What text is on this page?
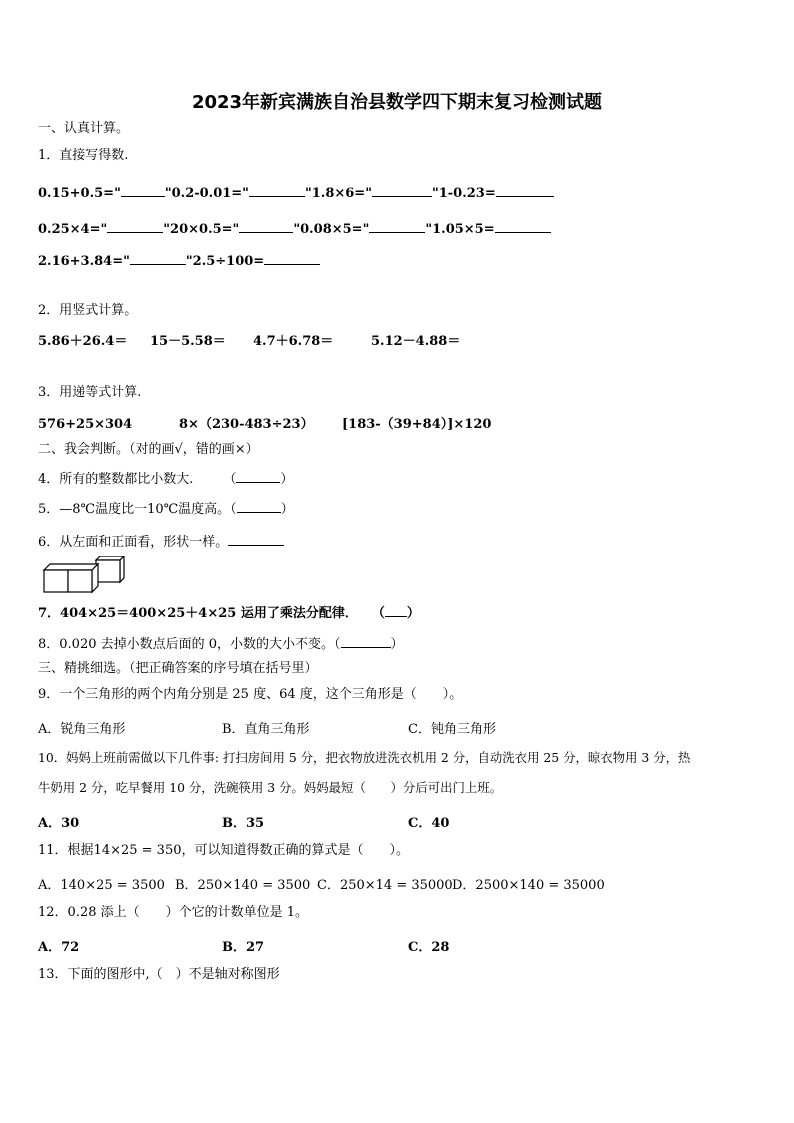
2023年新宾满族自治县数学四下期末复习检测试题
一、认真计算。
1．直接写得数.
0.15+0.5="	"0.2-0.01="	"1.8×6="	"1-0.23=
0.25×4="	"20×0.5="	"0.08×5="	"1.05×5=
2.16+3.84="	"2.5÷100=
2．用竖式计算。
5.86＋26.4＝ 15－5.58＝ 4.7＋6.78＝	5.12－4.88＝
3．用递等式计算.
576+25×304	8×（230-483÷23） [183-（39+84）]×120
二、我会判断。（对的画√，错的画×）
4．所有的整数都比小数大. （	）
5．—8℃温度比一10℃温度高。（	）
6．从左面和正面看，形状一样。
7．404×25＝400×25＋4×25 运用了乘法分配律． （ ）
8．0.020 去掉小数点后面的 0，小数的大小不变。（	）
三、精挑细选。（把正确答案的序号填在括号里）
9．一个三角形的两个内角分别是 25 度、64 度，这个三角形是（　　）。
A．锐角三角形	B．直角三角形	C．钝角三角形
10．妈妈上班前需做以下几件事: 打扫房间用 5 分，把衣物放进洗衣机用 2 分，自动洗衣用 25 分，晾衣物用 3 分，热
牛奶用 2 分，吃早餐用 10 分，洗碗筷用 3 分。妈妈最短（　　）分后可出门上班。
A．30	B．35	C．40
11．根据14×25 = 350，可以知道得数正确的算式是（　　）。
A．140×25 = 3500 B．250×140 = 3500 C．250×14 = 35000 D．2500×140 = 35000
12．0.28 添上（　　）个它的计数单位是 1。
A．72	B．27	C．28
13．下面的图形中,（　）不是轴对称图形
